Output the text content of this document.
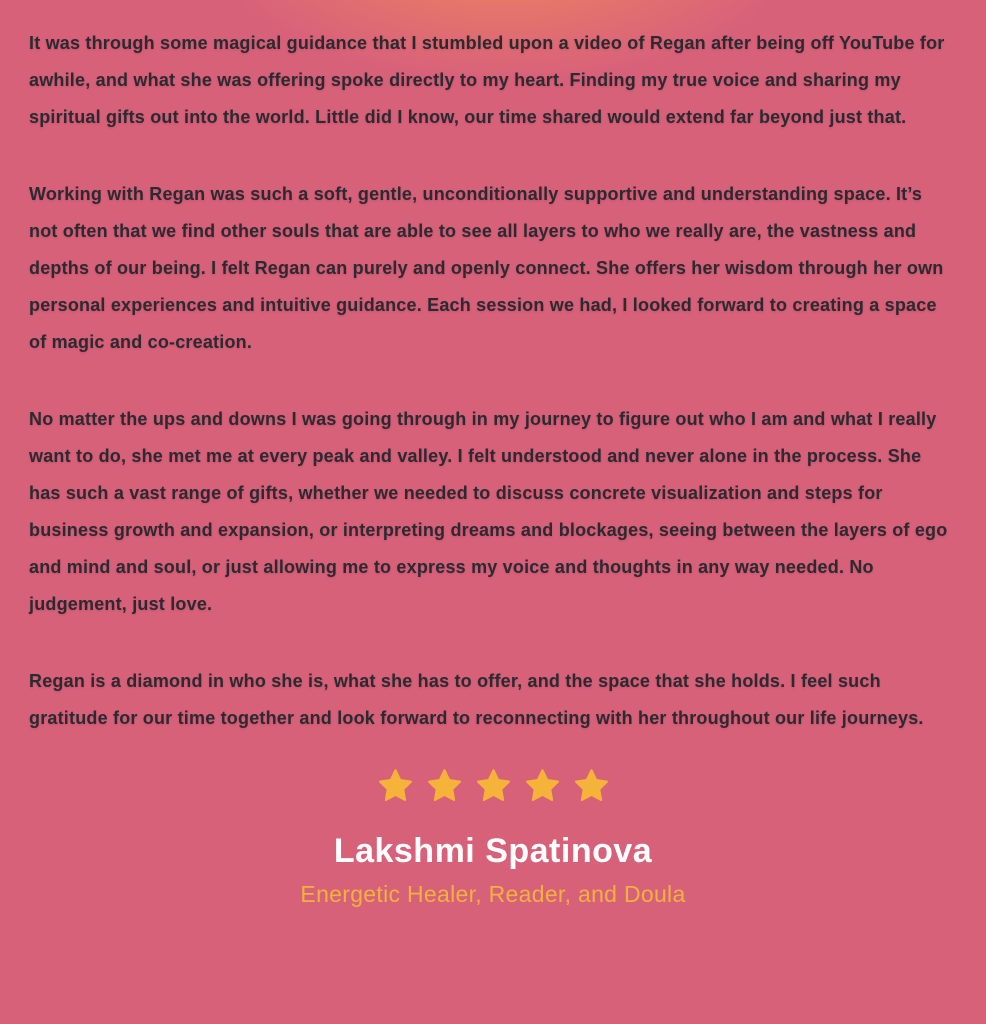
It was through some magical guidance that I stumbled upon a video of Regan after being off YouTube for awhile, and what she was offering spoke directly to my heart. Finding my true voice and sharing my spiritual gifts out into the world. Little did I know, our time shared would extend far beyond just that.

Working with Regan was such a soft, gentle, unconditionally supportive and understanding space. It’s not often that we find other souls that are able to see all layers to who we really are, the vastness and depths of our being. I felt Regan can purely and openly connect. She offers her wisdom through her own personal experiences and intuitive guidance. Each session we had, I looked forward to creating a space of magic and co-creation.

No matter the ups and downs I was going through in my journey to figure out who I am and what I really want to do, she met me at every peak and valley. I felt understood and never alone in the process. She has such a vast range of gifts, whether we needed to discuss concrete visualization and steps for business growth and expansion, or interpreting dreams and blockages, seeing between the layers of ego and mind and soul, or just allowing me to express my voice and thoughts in any way needed. No judgement, just love.

Regan is a diamond in who she is, what she has to offer, and the space that she holds. I feel such gratitude for our time together and look forward to reconnecting with her throughout our life journeys.

Lakshmi Spatinova

Energetic Healer, Reader, and Doula
